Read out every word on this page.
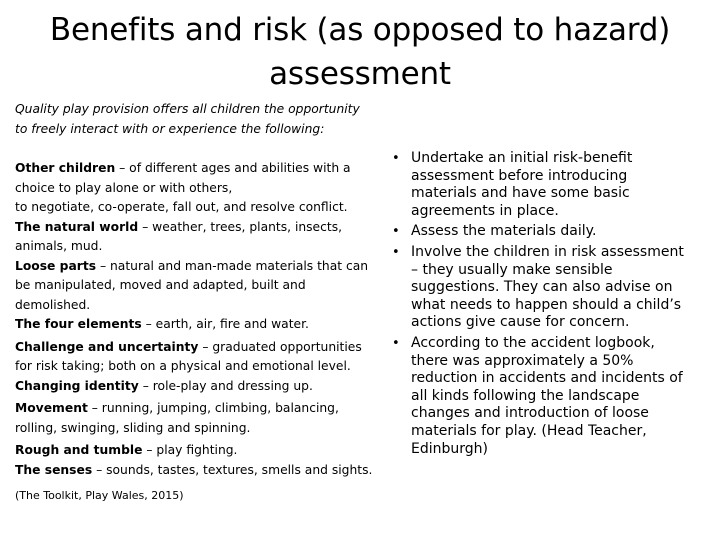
Benefits and risk (as opposed to hazard)
assessment
Quality play provision offers all children the opportunity
to freely interact with or experience the following:
Other children – of different ages and abilities with a
choice to play alone or with others,
to negotiate, co-operate, fall out, and resolve conflict.
The natural world – weather, trees, plants, insects,
animals, mud.
Loose parts – natural and man-made materials that can
be manipulated, moved and adapted, built and
demolished.
The four elements – earth, air, fire and water.
Challenge and uncertainty – graduated opportunities
for risk taking; both on a physical and emotional level.
Changing identity – role-play and dressing up.
Movement – running, jumping, climbing, balancing,
rolling, swinging, sliding and spinning.
Rough and tumble – play fighting.
The senses – sounds, tastes, textures, smells and sights.
(The Toolkit, Play Wales, 2015)
• Undertake an initial risk-benefit
assessment before introducing
materials and have some basic
agreements in place.
• Assess the materials daily.
• Involve the children in risk assessment
– they usually make sensible
suggestions. They can also advise on
what needs to happen should a child’s
actions give cause for concern.
• According to the accident logbook,
there was approximately a 50%
reduction in accidents and incidents of
all kinds following the landscape
changes and introduction of loose
materials for play. (Head Teacher,
Edinburgh)
